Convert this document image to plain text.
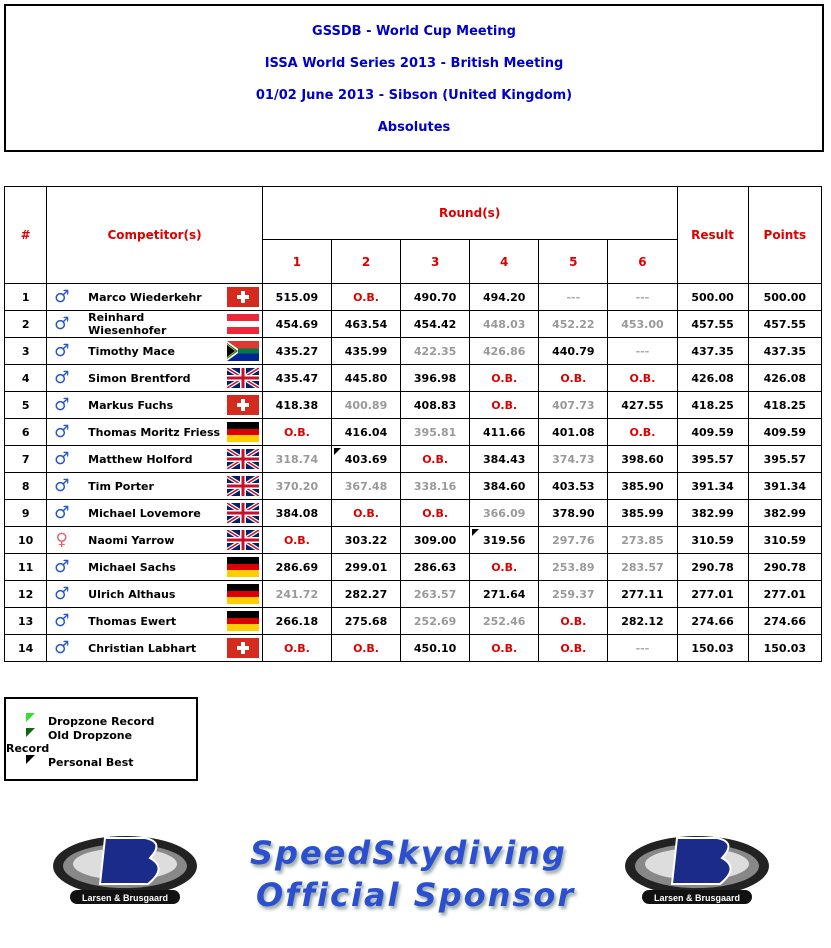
GSSDB - World Cup Meeting
ISSA World Series 2013 - British Meeting
01/02 June 2013 - Sibson (United Kingdom)
Absolutes
#	Competitor(s)			Round(s)						Result	Points
				1	2	3	4	5	6		
1	♂	Marco Wiederkehr		515.09	O.B.	490.70	494.20	---	---	500.00	500.00
2	♂	Reinhard Wiesenhofer		454.69	463.54	454.42	448.03	452.22	453.00	457.55	457.55
3	♂	Timothy Mace		435.27	435.99	422.35	426.86	440.79	---	437.35	437.35
4	♂	Simon Brentford		435.47	445.80	396.98	O.B.	O.B.	O.B.	426.08	426.08
5	♂	Markus Fuchs		418.38	400.89	408.83	O.B.	407.73	427.55	418.25	418.25
6	♂	Thomas Moritz Friess		O.B.	416.04	395.81	411.66	401.08	O.B.	409.59	409.59
7	♂	Matthew Holford		318.74	403.69	O.B.	384.43	374.73	398.60	395.57	395.57
8	♂	Tim Porter		370.20	367.48	338.16	384.60	403.53	385.90	391.34	391.34
9	♂	Michael Lovemore		384.08	O.B.	O.B.	366.09	378.90	385.99	382.99	382.99
10	♀	Naomi Yarrow		O.B.	303.22	309.00	319.56	297.76	273.85	310.59	310.59
11	♂	Michael Sachs		286.69	299.01	286.63	O.B.	253.89	283.57	290.78	290.78
12	♂	Ulrich Althaus		241.72	282.27	263.57	271.64	259.37	277.11	277.01	277.01
13	♂	Thomas Ewert		266.18	275.68	252.69	252.46	O.B.	282.12	274.66	274.66
14	♂	Christian Labhart		O.B.	O.B.	450.10	O.B.	O.B.	---	150.03	150.03
Dropzone Record
Old Dropzone
Record
Personal Best
Larsen & Brusgaard
SpeedSkydiving
Official Sponsor	Larsen & Brusgaard
